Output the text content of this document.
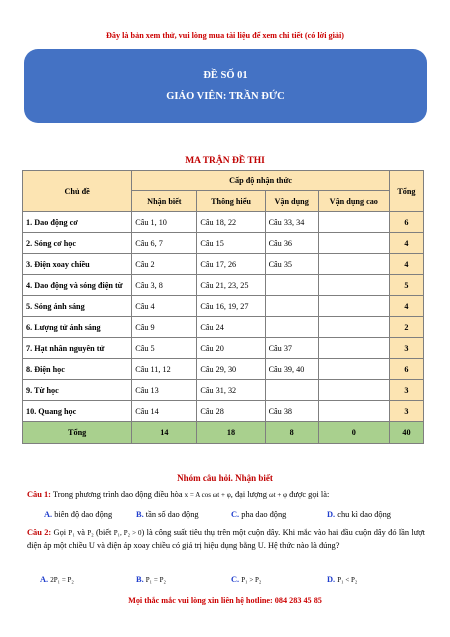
Đây là bản xem thử, vui lòng mua tài liệu để xem chi tiết (có lời giải)
ĐỀ SỐ 01
GIÁO VIÊN: TRẦN ĐỨC
MA TRẬN ĐỀ THI
Chủ đề	Cấp độ nhận thức				Tổng
	Nhận biết	Thông hiểu	Vận dụng	Vận dụng cao	
1. Dao động cơ	Câu 1, 10	Câu 18, 22	Câu 33, 34		6
2. Sóng cơ học	Câu 6, 7	Câu 15	Câu 36		4
3. Điện xoay chiều	Câu 2	Câu 17, 26	Câu 35		4
4. Dao động và sóng điện từ	Câu 3, 8	Câu 21, 23, 25			5
5. Sóng ánh sáng	Câu 4	Câu 16, 19, 27			4
6. Lượng tử ánh sáng	Câu 9	Câu 24			2
7. Hạt nhân nguyên tử	Câu 5	Câu 20	Câu 37		3
8. Điện học	Câu 11, 12	Câu 29, 30	Câu 39, 40		6
9. Từ học	Câu 13	Câu 31, 32			3
10. Quang học	Câu 14	Câu 28	Câu 38		3
Tổng	14	18	8	0	40
Nhóm câu hỏi. Nhận biết
Câu 1: Trong phương trình dao động điều hòa x = A cos ωt + φ, đại lượng ωt + φ được gọi là:
A. biên độ dao động	B. tần số dao động	C. pha dao động	D. chu kì dao động
Câu 2: Gọi P₁ và P₂ (biết P₁, P₂ > 0) là công suất tiêu thụ trên một cuộn dây. Khi mắc vào hai đầu cuộn dây đó lần lượt điện áp một chiều U và điện áp xoay chiều có giá trị hiệu dụng bằng U. Hệ thức nào là đúng?
A. 2P₁ = P₂	B. P₁ = P₂	C. P₁ > P₂	D. P₁ < P₂
Mọi thắc mắc vui lòng xin liên hệ hotline: 084 283 45 85
